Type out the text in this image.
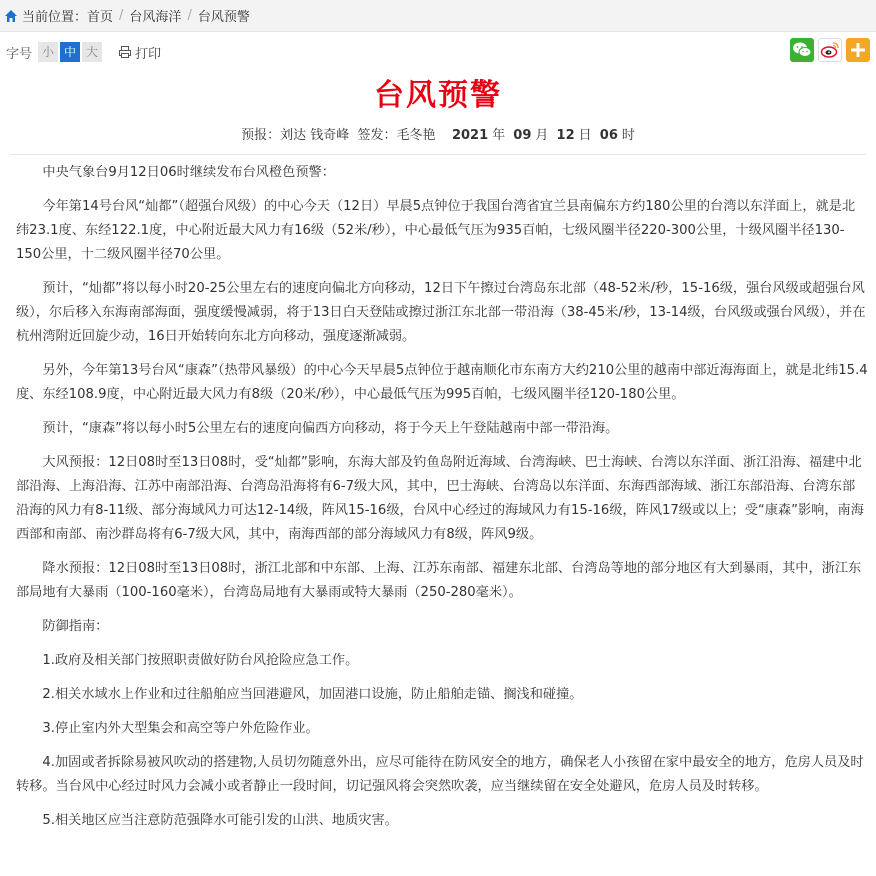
当前位置： 首页 / 台风海洋 / 台风预警
字号 小 中 大	打印
台风预警
预报：刘达 钱奇峰 签发：毛冬艳 2021 年 09 月 12 日 06 时

中央气象台9月12日06时继续发布台风橙色预警：

今年第14号台风“灿都”（超强台风级）的中心今天（12日）早晨5点钟位于我国台湾省宜兰县南偏东方约180公里的台湾以东洋面上，就是北纬23.1度、东经122.1度，中心附近最大风力有16级（52米/秒），中心最低气压为935百帕，七级风圈半径220-300公里，十级风圈半径130-150公里，十二级风圈半径70公里。

预计，“灿都”将以每小时20-25公里左右的速度向偏北方向移动，12日下午擦过台湾岛东北部（48-52米/秒，15-16级，强台风级或超强台风级），尔后移入东海南部海面，强度缓慢减弱，将于13日白天登陆或擦过浙江东北部一带沿海（38-45米/秒，13-14级，台风级或强台风级），并在杭州湾附近回旋少动，16日开始转向东北方向移动，强度逐渐减弱。

另外，今年第13号台风“康森”（热带风暴级）的中心今天早晨5点钟位于越南顺化市东南方大约210公里的越南中部近海海面上，就是北纬15.4度、东经108.9度，中心附近最大风力有8级（20米/秒），中心最低气压为995百帕，七级风圈半径120-180公里。

预计，“康森”将以每小时5公里左右的速度向偏西方向移动，将于今天上午登陆越南中部一带沿海。

大风预报：12日08时至13日08时，受“灿都”影响，东海大部及钓鱼岛附近海域、台湾海峡、巴士海峡、台湾以东洋面、浙江沿海、福建中北部沿海、上海沿海、江苏中南部沿海、台湾岛沿海将有6-7级大风，其中，巴士海峡、台湾岛以东洋面、东海西部海域、浙江东部沿海、台湾东部沿海的风力有8-11级、部分海域风力可达12-14级，阵风15-16级，台风中心经过的海域风力有15-16级，阵风17级或以上；受“康森”影响，南海西部和南部、南沙群岛将有6-7级大风，其中，南海西部的部分海域风力有8级，阵风9级。

降水预报：12日08时至13日08时，浙江北部和中东部、上海、江苏东南部、福建东北部、台湾岛等地的部分地区有大到暴雨，其中，浙江东部局地有大暴雨（100-160毫米），台湾岛局地有大暴雨或特大暴雨（250-280毫米）。

防御指南：

1.政府及相关部门按照职责做好防台风抢险应急工作。

2.相关水域水上作业和过往船舶应当回港避风，加固港口设施，防止船舶走锚、搁浅和碰撞。

3.停止室内外大型集会和高空等户外危险作业。

4.加固或者拆除易被风吹动的搭建物,人员切勿随意外出，应尽可能待在防风安全的地方，确保老人小孩留在家中最安全的地方，危房人员及时转移。当台风中心经过时风力会减小或者静止一段时间，切记强风将会突然吹袭，应当继续留在安全处避风，危房人员及时转移。

5.相关地区应当注意防范强降水可能引发的山洪、地质灾害。
